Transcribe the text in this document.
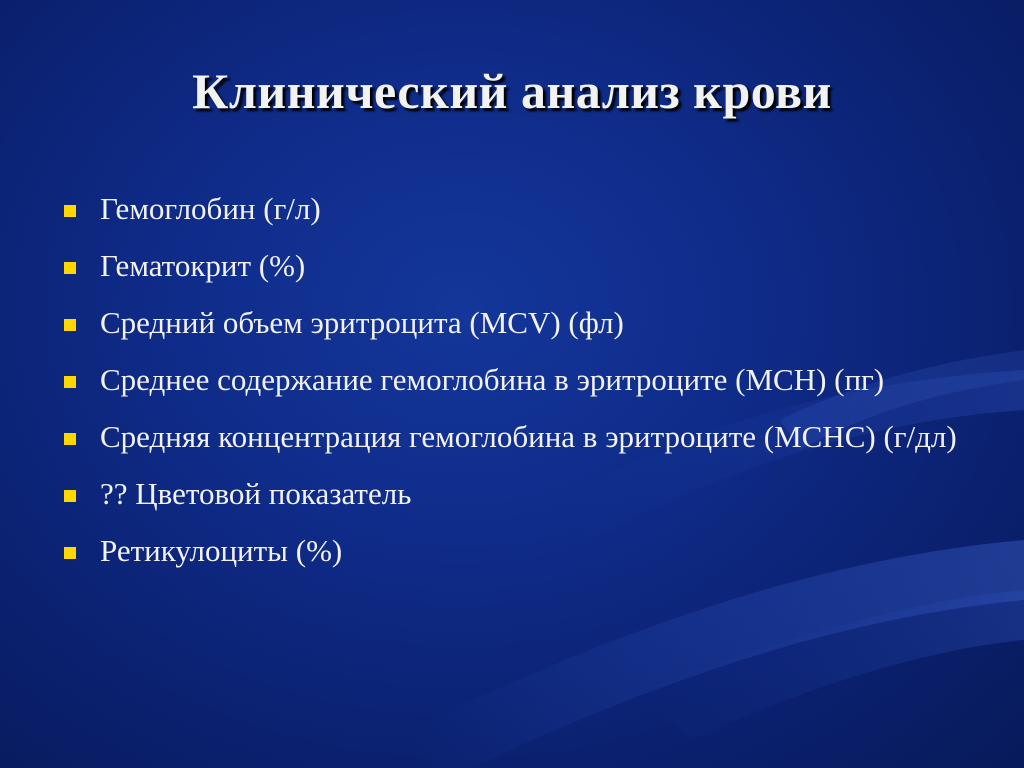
Клинический анализ крови
Гемоглобин (г/л)
Гематокрит (%)
Средний объем эритроцита (MCV) (фл)
Среднее содержание гемоглобина в эритроците (MCH) (пг)
Средняя концентрация гемоглобина в эритроците (MCHC) (г/дл)
?? Цветовой показатель
Ретикулоциты (%)
